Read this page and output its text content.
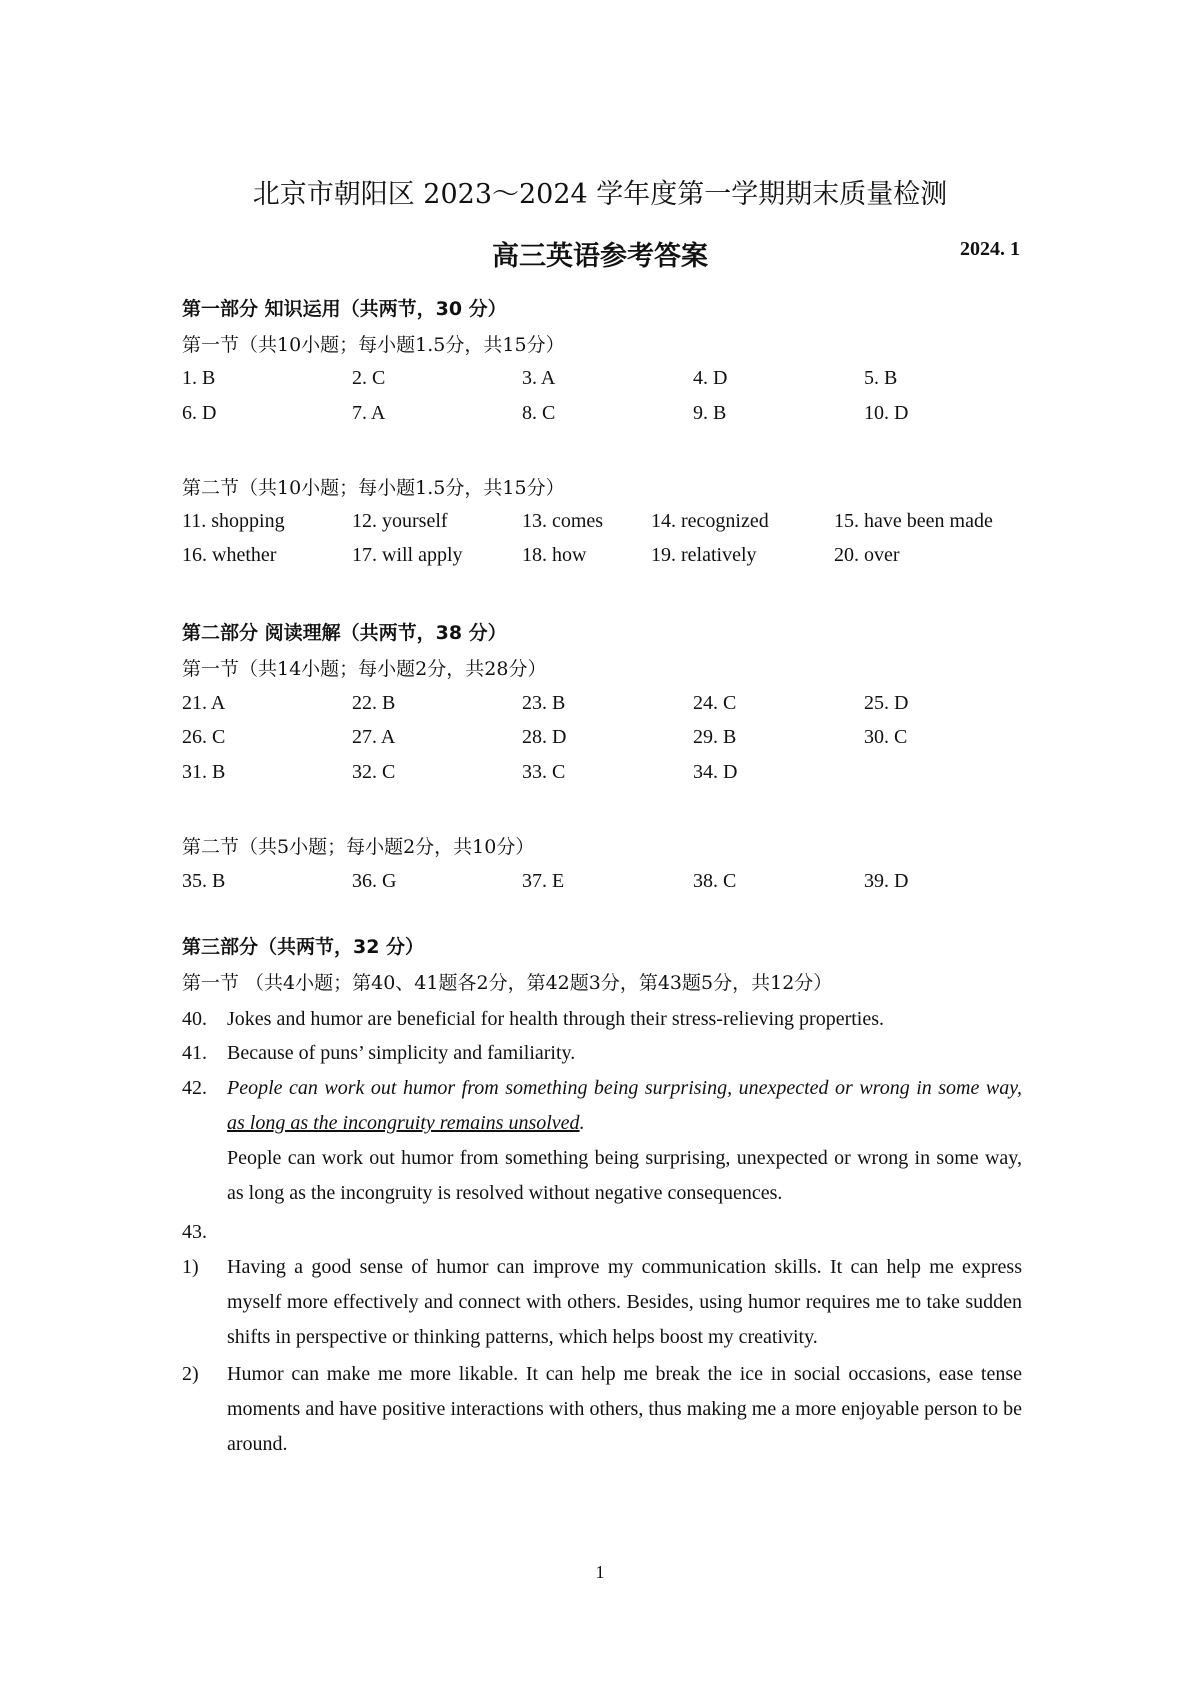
北京市朝阳区 2023～2024 学年度第一学期期末质量检测
高三英语参考答案	2024. 1
第一部分 知识运用（共两节，30 分）
第一节（共10小题；每小题1.5分，共15分）
1. B	2. C	3. A	4. D	5. B
6. D	7. A	8. C	9. B	10. D
第二节（共10小题；每小题1.5分，共15分）
11. shopping	12. yourself	13. comes 14. recognized	15. have been made
16. whether	17. will apply	18. how	19. relatively	20. over
第二部分 阅读理解（共两节，38 分）
第一节（共14小题；每小题2分，共28分）
21. A	22. B	23. B	24. C	25. D
26. C	27. A	28. D	29. B	30. C
31. B	32. C	33. C	34. D
第二节（共5小题；每小题2分，共10分）
35. B	36. G	37. E	38. C	39. D
第三部分（共两节，32 分）
第一节 （共4小题；第40、41题各2分，第42题3分，第43题5分，共12分）
40. Jokes and humor are beneficial for health through their stress-relieving properties.
41. Because of puns’ simplicity and familiarity.
42. People can work out humor from something being surprising, unexpected or wrong in some way, as long as the incongruity remains unsolved.
People can work out humor from something being surprising, unexpected or wrong in some way, as long as the incongruity is resolved without negative consequences.
43.
1) Having a good sense of humor can improve my communication skills. It can help me express myself more effectively and connect with others. Besides, using humor requires me to take sudden shifts in perspective or thinking patterns, which helps boost my creativity.
2) Humor can make me more likable. It can help me break the ice in social occasions, ease tense moments and have positive interactions with others, thus making me a more enjoyable person to be around.
1
